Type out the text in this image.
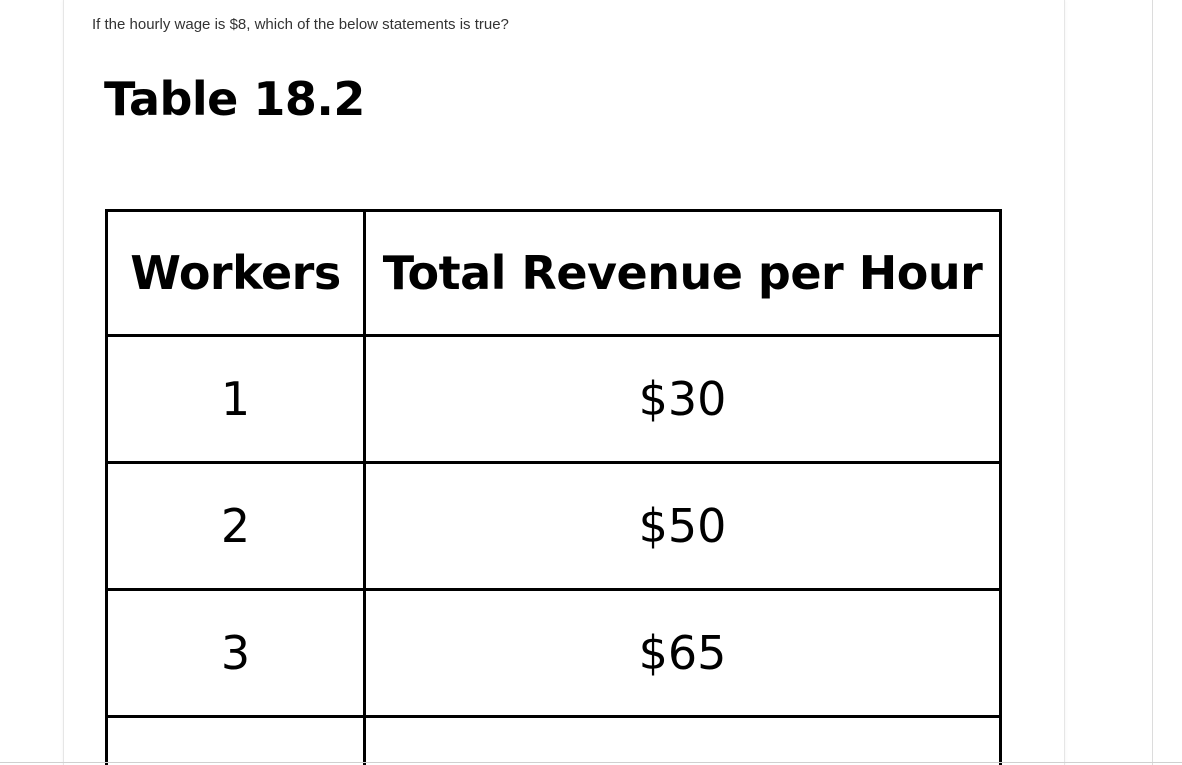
If the hourly wage is $8, which of the below statements is true?
Table 18.2
Workers	Total Revenue per Hour
1	$30
2	$50
3	$65
